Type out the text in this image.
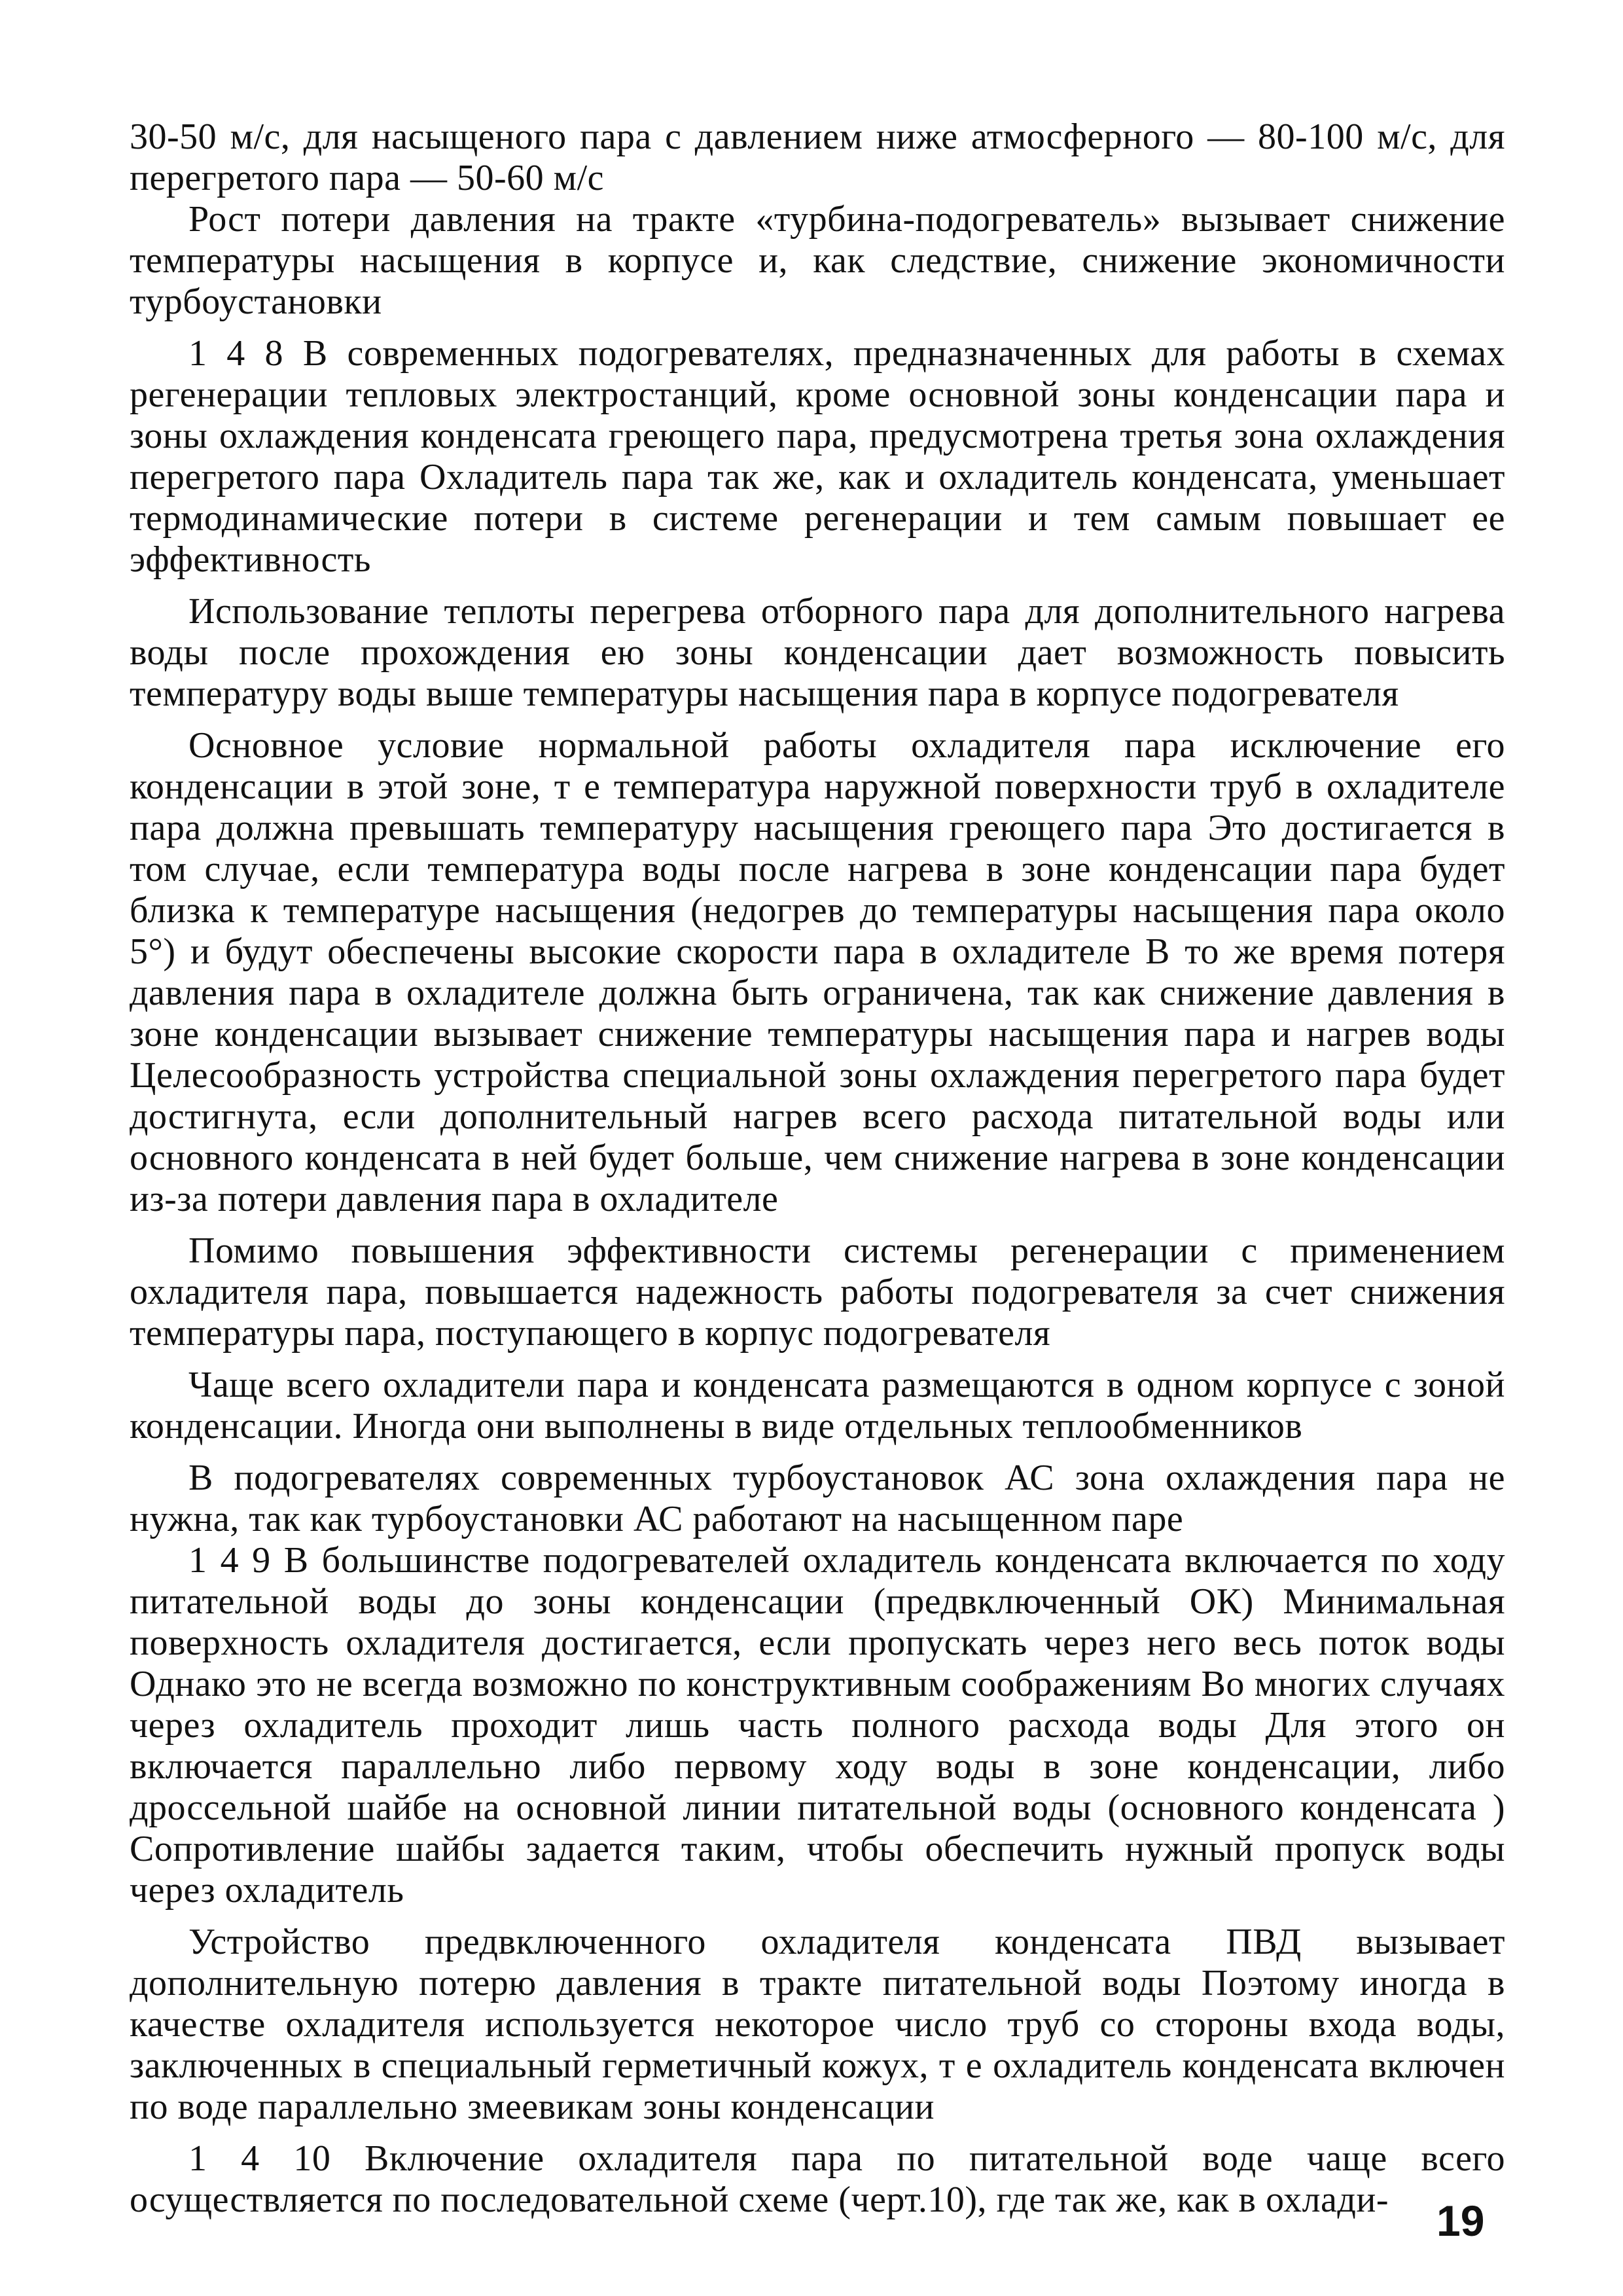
30-50 м/с, для насыщеного пара с давлением ниже атмосферного — 80-100 м/с, для перегретого пара — 50-60 м/с

Рост потери давления на тракте «турбина-подогреватель» вызывает снижение температуры насыщения в корпусе и, как следствие, снижение экономичности турбоустановки

1 4 8 В современных подогревателях, предназначенных для работы в схемах регенерации тепловых электростанций, кроме основной зоны конденсации пара и зоны охлаждения конденсата греющего пара, предусмотрена третья зона охлаждения перегретого пара Охладитель пара так же, как и охладитель конденсата, уменьшает термодинамические потери в системе регенерации и тем самым повышает ее эффективность

Использование теплоты перегрева отборного пара для дополнительного нагрева воды после прохождения ею зоны конденсации дает возможность повысить температуру воды выше температуры насыщения пара в корпусе подогревателя

Основное условие нормальной работы охладителя пара исключение его конденсации в этой зоне, т е температура наружной поверхности труб в охладителе пара должна превышать температуру насыщения греющего пара Это достигается в том случае, если температура воды после нагрева в зоне конденсации пара будет близка к температуре насыщения (недогрев до температуры насыщения пара около 5°) и будут обеспечены высокие скорости пара в охладителе В то же время потеря давления пара в охладителе должна быть ограничена, так как снижение давления в зоне конденсации вызывает снижение температуры насыщения пара и нагрев воды Целесообразность устройства специальной зоны охлаждения перегретого пара будет достигнута, если дополнительный нагрев всего расхода питательной воды или основного конденсата в ней будет больше, чем снижение нагрева в зоне конденсации из-за потери давления пара в охладителе

Помимо повышения эффективности системы регенерации с применением охладителя пара, повышается надежность работы подогревателя за счет снижения температуры пара, поступающего в корпус подогревателя

Чаще всего охладители пара и конденсата размещаются в одном корпусе с зоной конденсации. Иногда они выполнены в виде отдельных теплообменников

В подогревателях современных турбоустановок АС зона охлаждения пара не нужна, так как турбоустановки АС работают на насыщенном паре

1 4 9 В большинстве подогревателей охладитель конденсата включается по ходу питательной воды до зоны конденсации (предвключенный ОК) Минимальная поверхность охладителя достигается, если пропускать через него весь поток воды Однако это не всегда возможно по конструктивным соображениям Во многих случаях через охладитель проходит лишь часть полного расхода воды Для этого он включается параллельно либо первому ходу воды в зоне конденсации, либо дроссельной шайбе на основной линии питательной воды (основного конденсата ) Сопротивление шайбы задается таким, чтобы обеспечить нужный пропуск воды через охладитель

Устройство предвключенного охладителя конденсата ПВД вызывает дополнительную потерю давления в тракте питательной воды Поэтому иногда в качестве охладителя используется некоторое число труб со стороны входа воды, заключенных в специальный герметичный кожух, т е охладитель конденсата включен по воде параллельно змеевикам зоны конденсации

1 4 10 Включение охладителя пара по питательной воде чаще всего осуществляется по последовательной схеме (черт.10), где так же, как в охлади-	19
